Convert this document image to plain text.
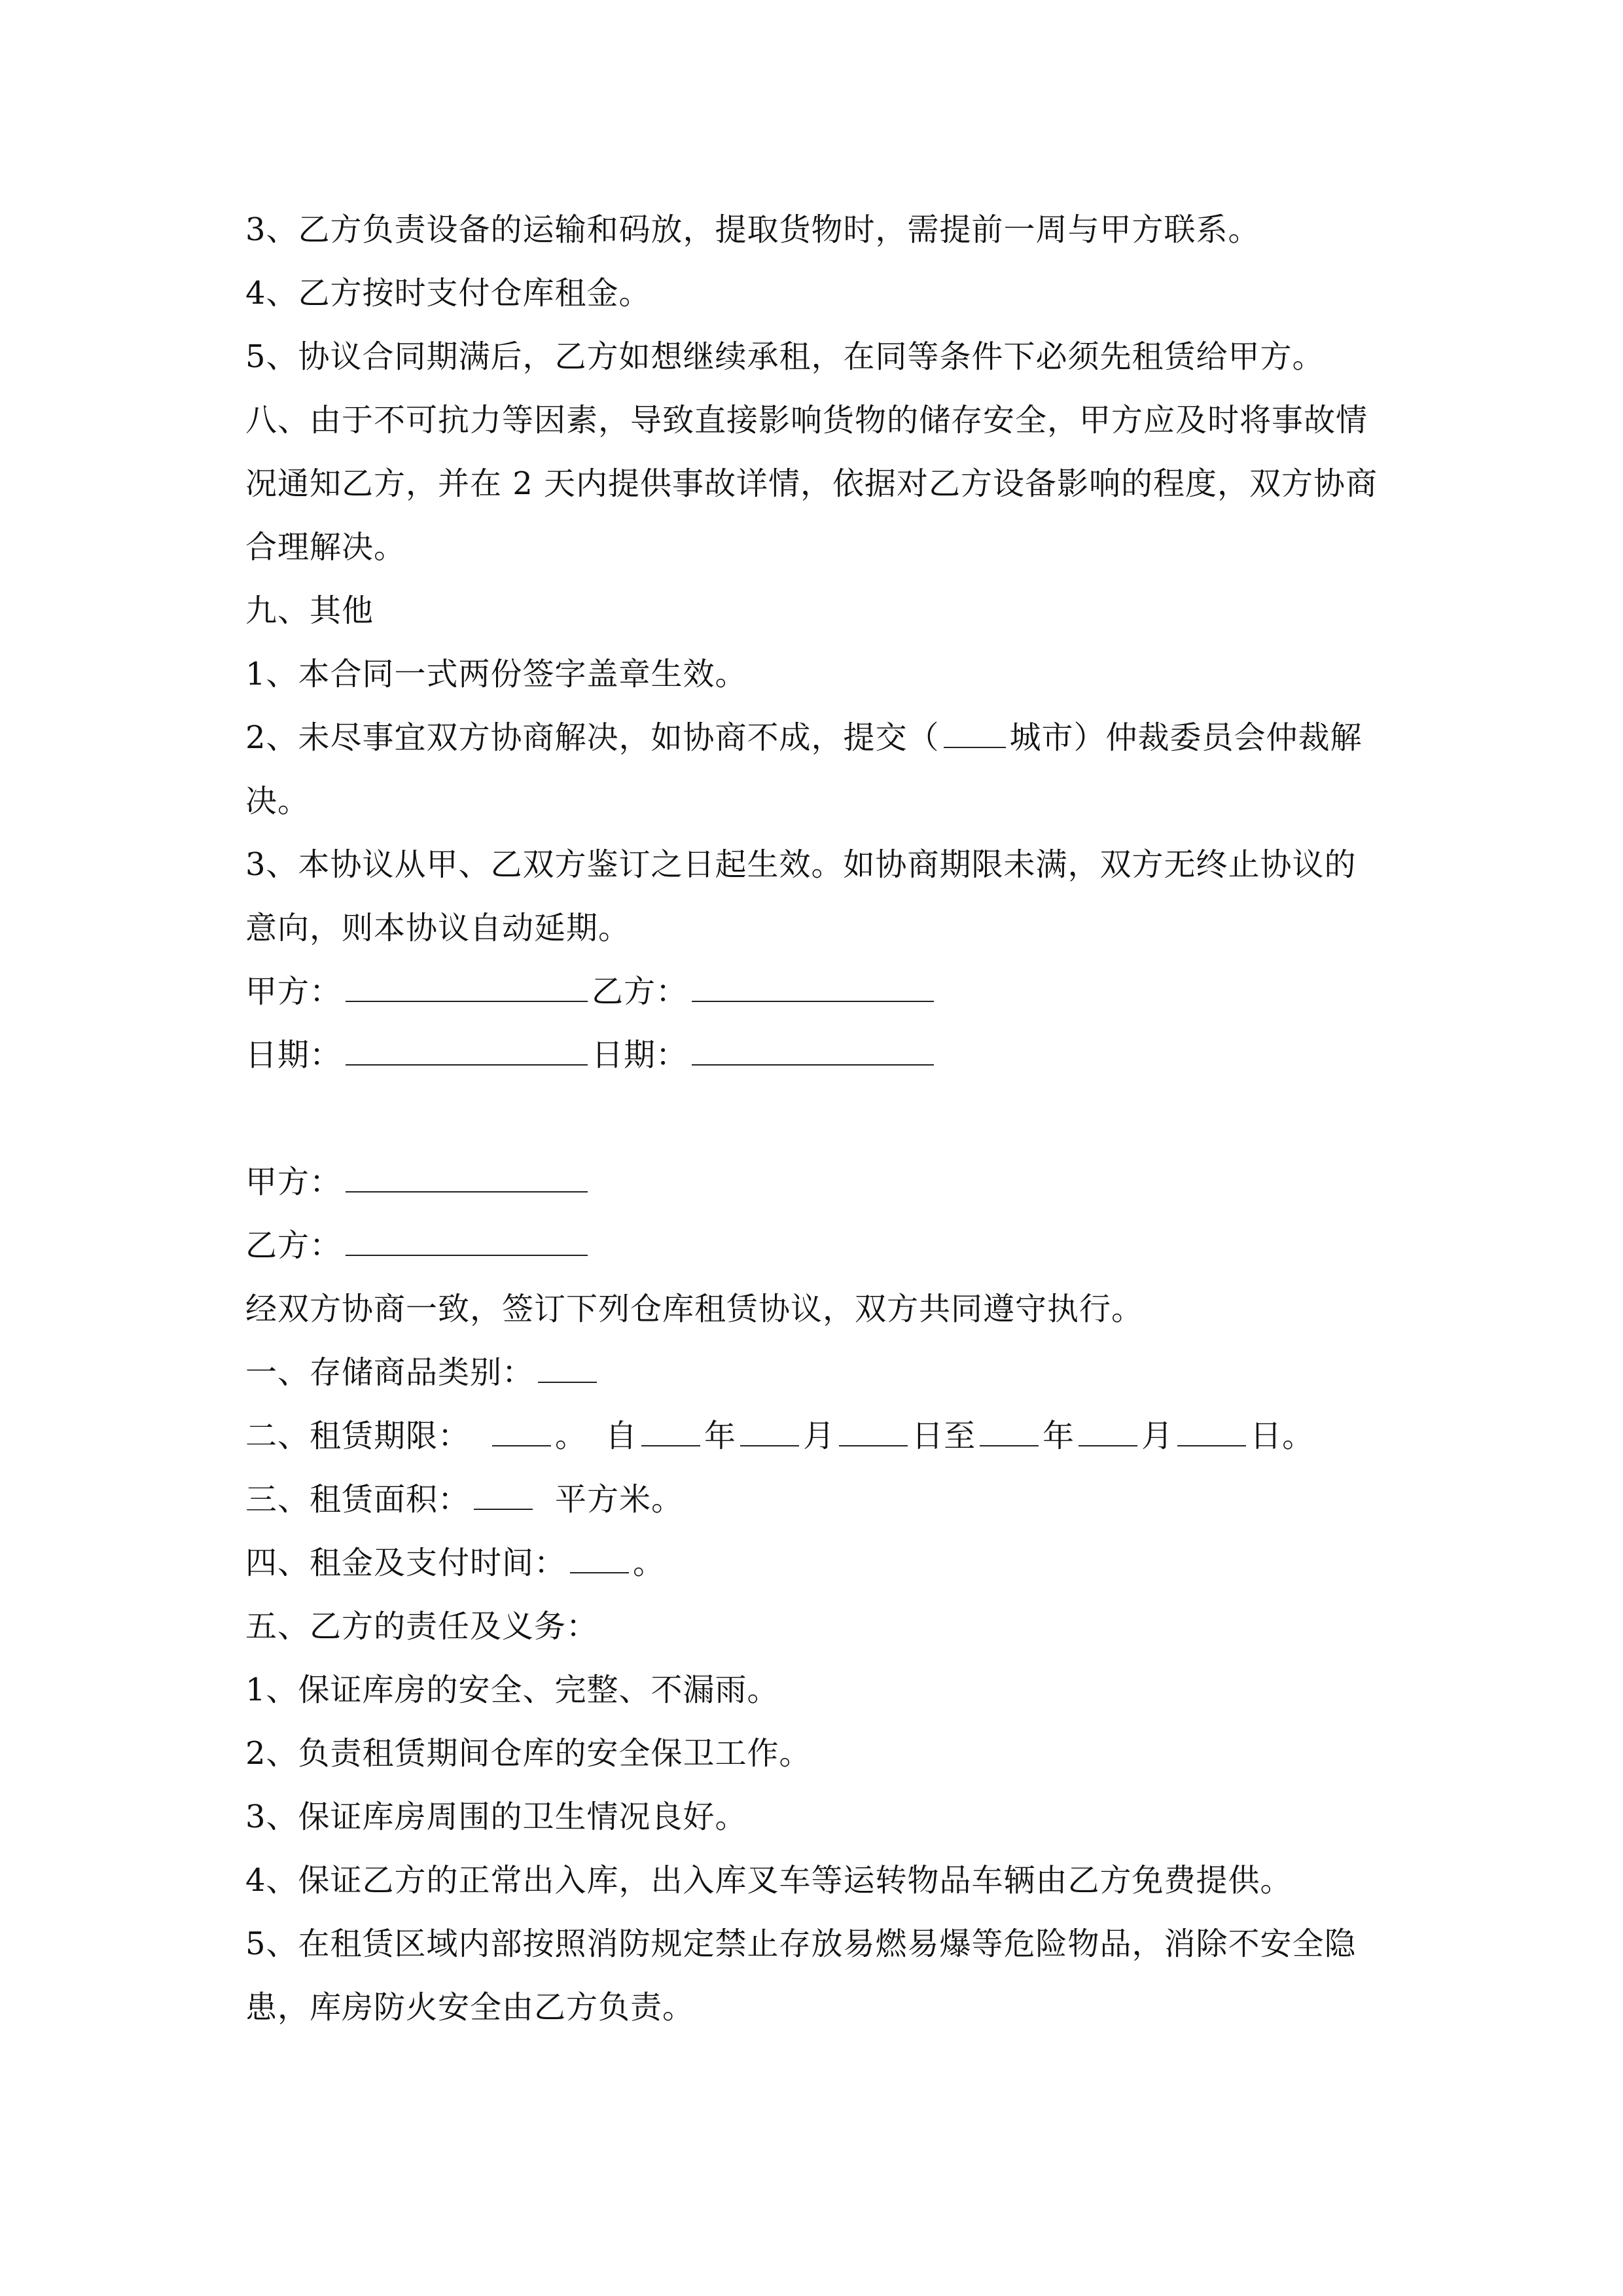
3、乙方负责设备的运输和码放，提取货物时，需提前一周与甲方联系。
4、乙方按时支付仓库租金。
5、协议合同期满后，乙方如想继续承租，在同等条件下必须先租赁给甲方。
八、由于不可抗力等因素，导致直接影响货物的储存安全，甲方应及时将事故情
况通知乙方，并在 2 天内提供事故详情，依据对乙方设备影响的程度，双方协商
合理解决。
九、其他
1、本合同一式两份签字盖章生效。
2、未尽事宜双方协商解决，如协商不成，提交（ 城市）仲裁委员会仲裁解
决。
3、本协议从甲、乙双方鉴订之日起生效。如协商期限未满，双方无终止协议的
意向，则本协议自动延期。
甲方：	乙方：
日期：	日期：
甲方：
乙方：
经双方协商一致，签订下列仓库租赁协议，双方共同遵守执行。
一、存储商品类别：
二、租赁期限：	。 自 年 月 日至 年 月 日。
三、租赁面积：	平方米。
四、租金及支付时间： 。
五、乙方的责任及义务：
1、保证库房的安全、完整、不漏雨。
2、负责租赁期间仓库的安全保卫工作。
3、保证库房周围的卫生情况良好。
4、保证乙方的正常出入库，出入库叉车等运转物品车辆由乙方免费提供。
5、在租赁区域内部按照消防规定禁止存放易燃易爆等危险物品，消除不安全隐
患，库房防火安全由乙方负责。
